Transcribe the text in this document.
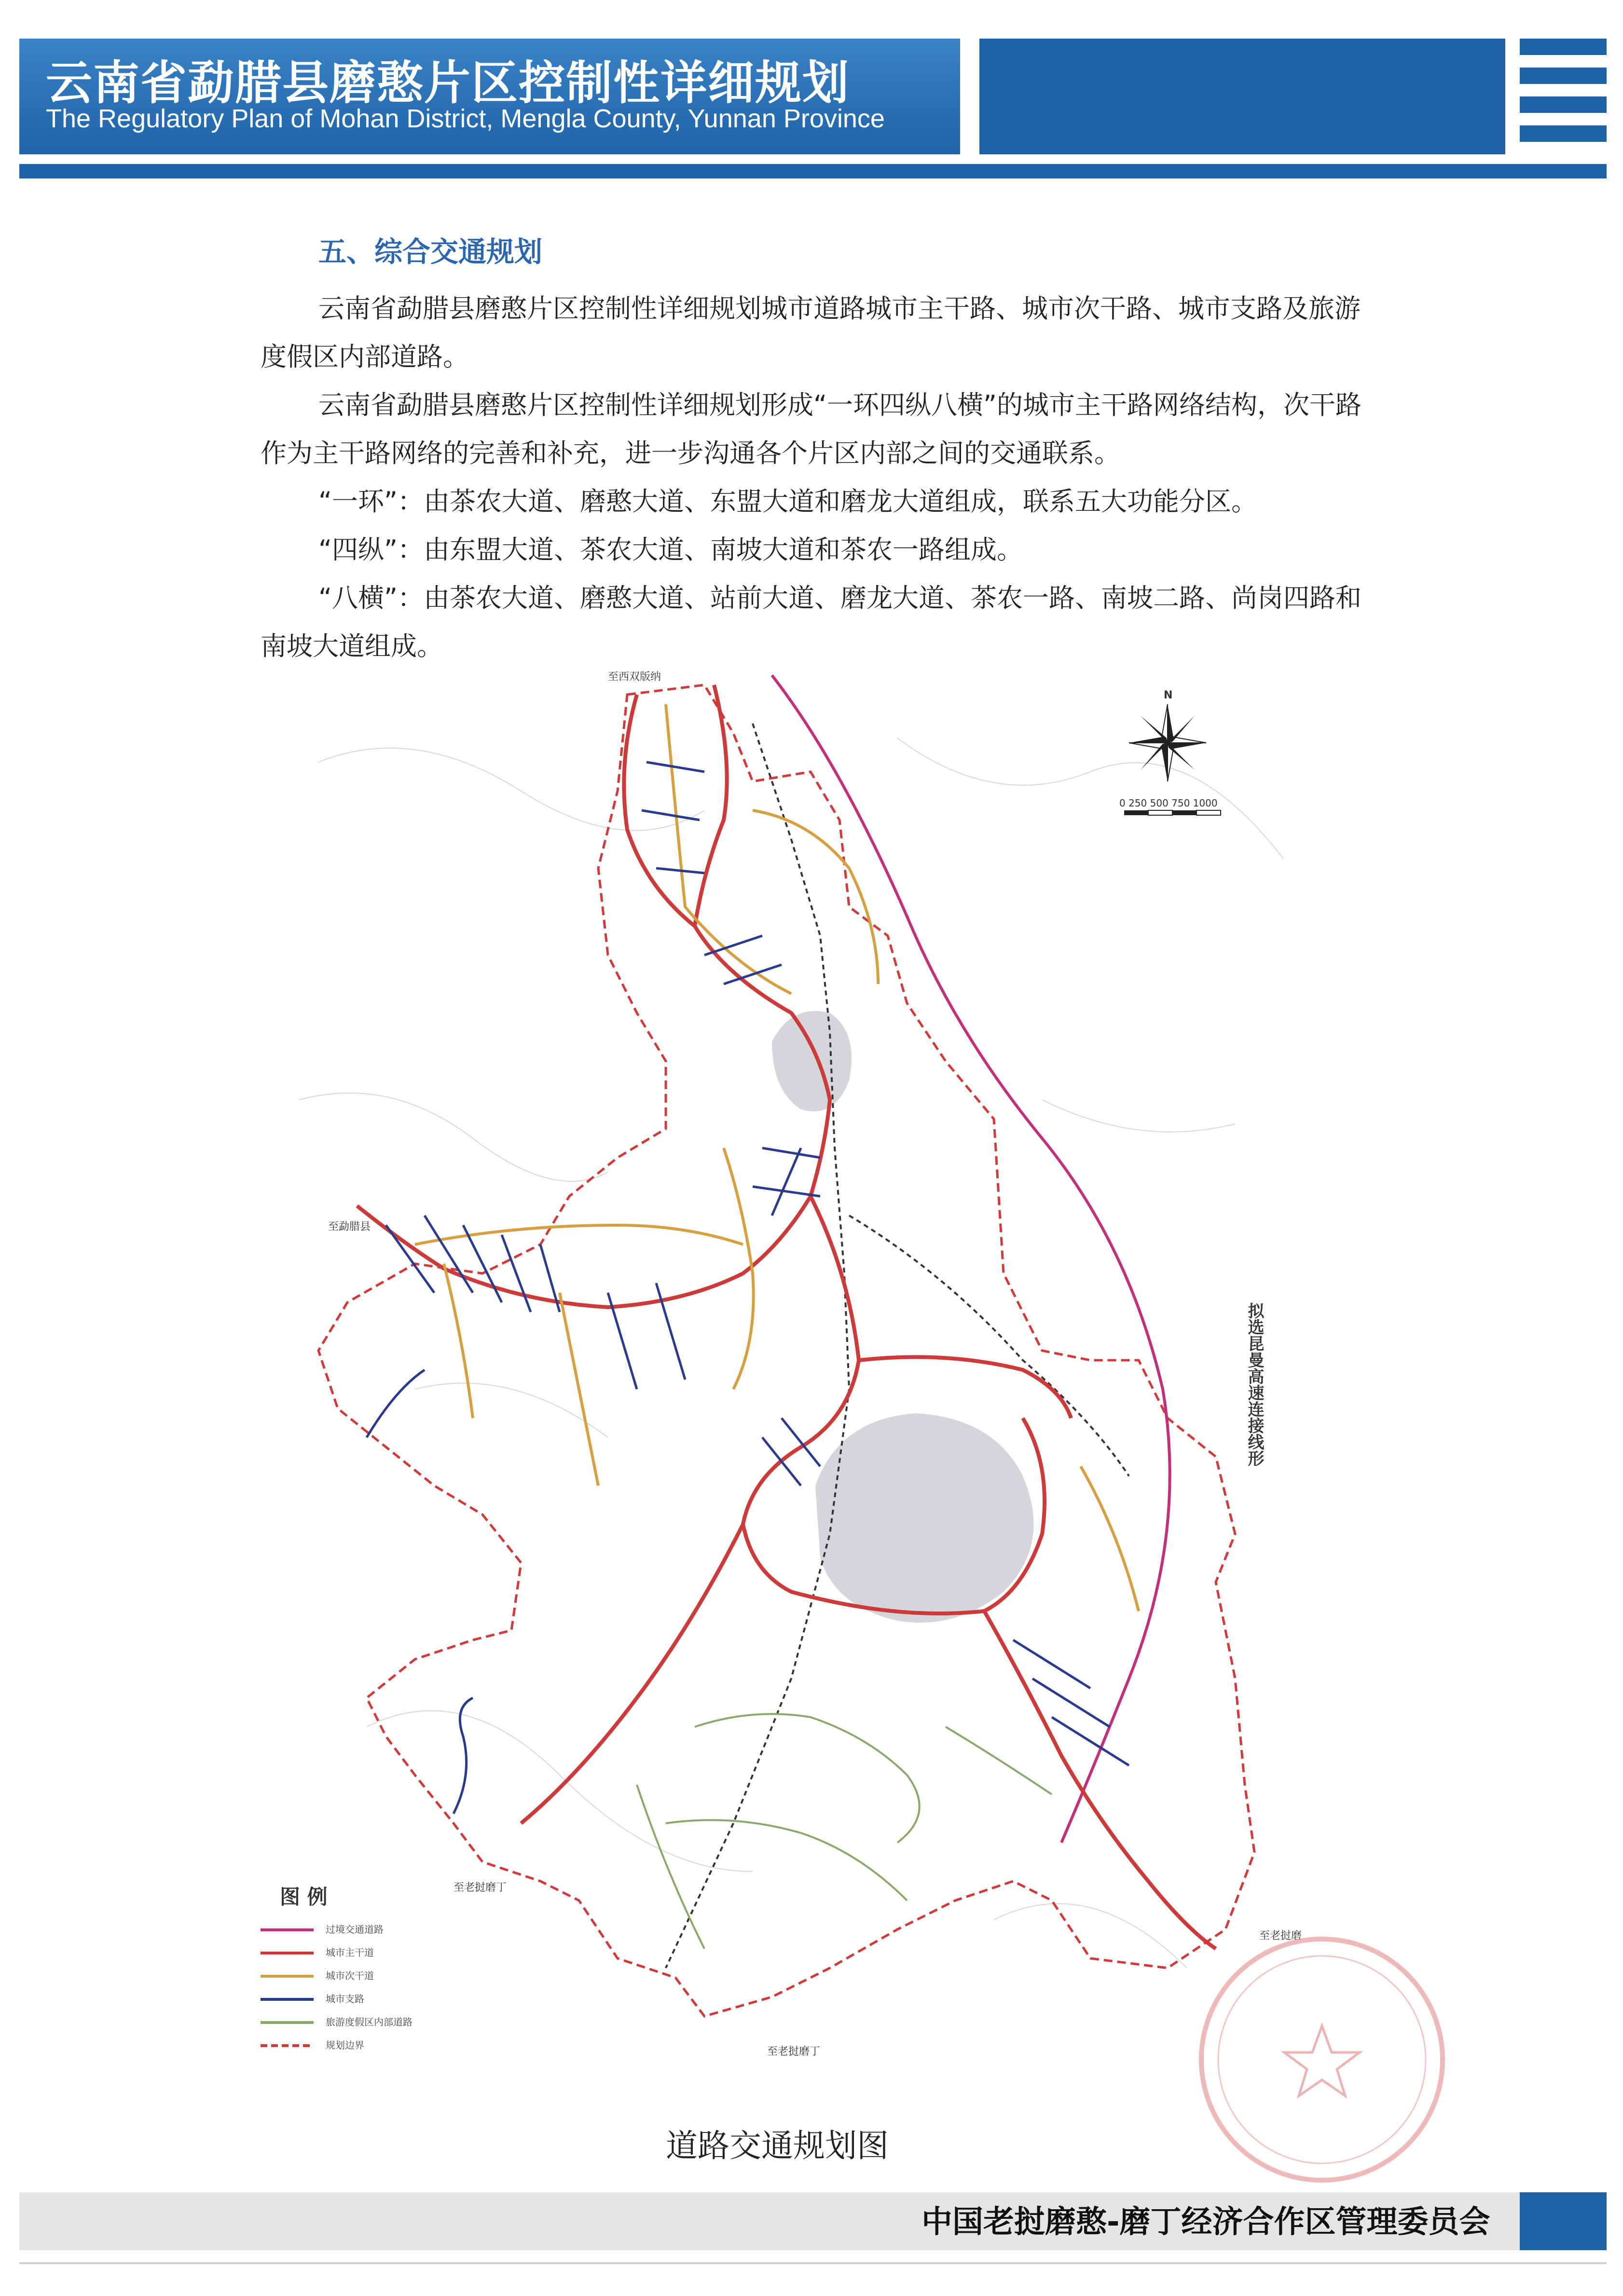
云南省勐腊县磨憨片区控制性详细规划
The Regulatory Plan of Mohan District, Mengla County, Yunnan Province
五、综合交通规划
云南省勐腊县磨憨片区控制性详细规划城市道路城市主干路、城市次干路、城市支路及旅游度假区内部道路。
云南省勐腊县磨憨片区控制性详细规划形成“一环四纵八横”的城市主干路网络结构，次干路作为主干路网络的完善和补充，进一步沟通各个片区内部之间的交通联系。
“一环”：由茶农大道、磨憨大道、东盟大道和磨龙大道组成，联系五大功能分区。
“四纵”：由东盟大道、茶农大道、南坡大道和茶农一路组成。
“八横”：由茶农大道、磨憨大道、站前大道、磨龙大道、茶农一路、南坡二路、尚岗四路和南坡大道组成。
至西双版纳
至勐腊县
至老挝磨丁
至老挝磨丁
至老挝磨
拟选昆曼高速连接线形
N
0 250 500 750 1000
图 例
过境交通道路
城市主干道
城市次干道
城市支路
旅游度假区内部道路
规划边界
道路交通规划图
中国老挝磨憨-磨丁经济合作区管理委员会
